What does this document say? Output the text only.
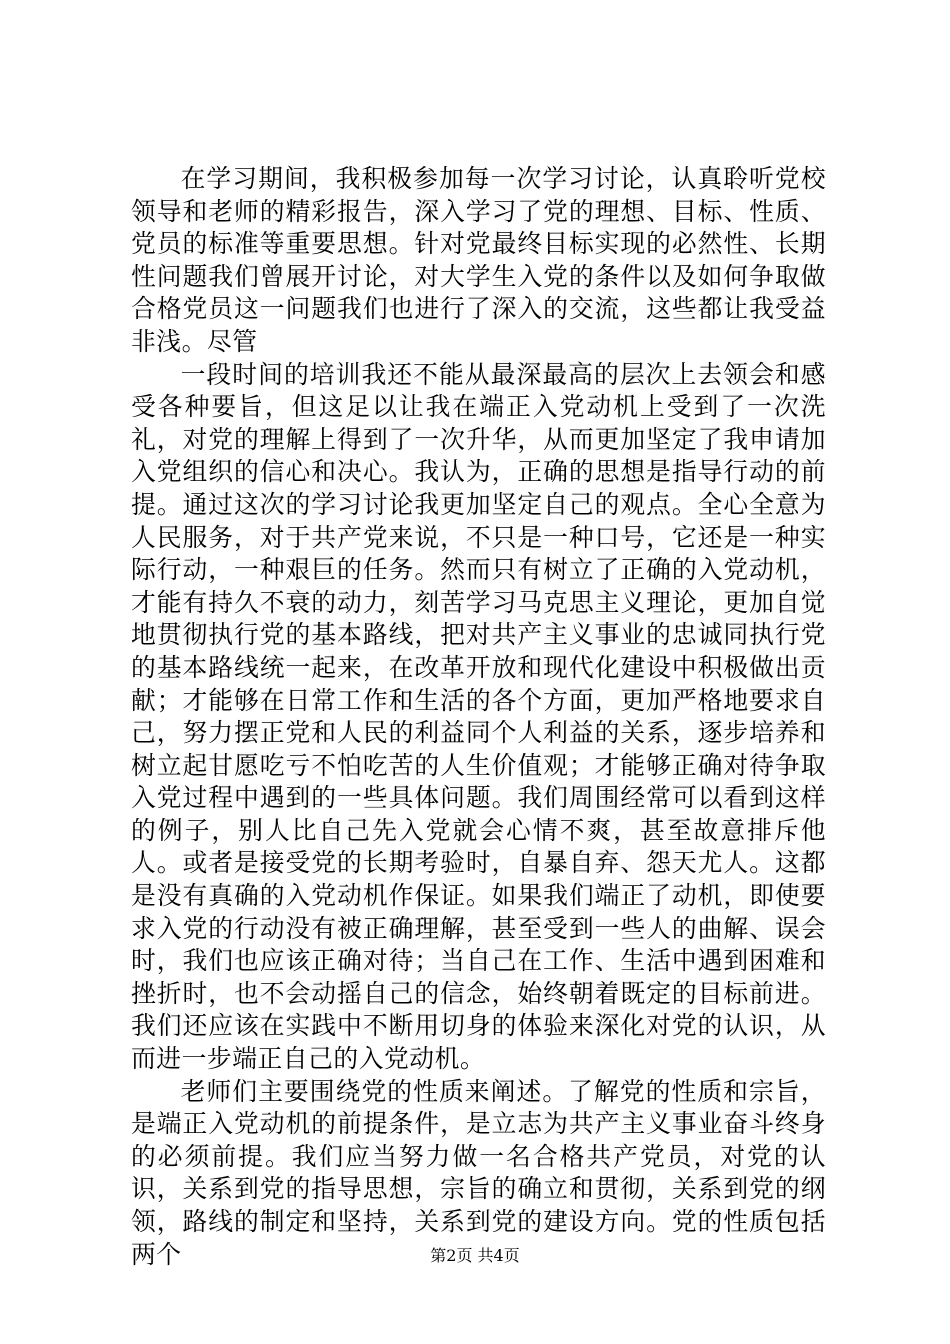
在学习期间，我积极参加每一次学习讨论，认真聆听党校领导和老师的精彩报告，深入学习了党的理想、目标、性质、党员的标准等重要思想。针对党最终目标实现的必然性、长期性问题我们曾展开讨论，对大学生入党的条件以及如何争取做合格党员这一问题我们也进行了深入的交流，这些都让我受益非浅。尽管

一段时间的培训我还不能从最深最高的层次上去领会和感受各种要旨，但这足以让我在端正入党动机上受到了一次洗礼，对党的理解上得到了一次升华，从而更加坚定了我申请加入党组织的信心和决心。我认为，正确的思想是指导行动的前提。通过这次的学习讨论我更加坚定自己的观点。全心全意为人民服务，对于共产党来说，不只是一种口号，它还是一种实际行动，一种艰巨的任务。然而只有树立了正确的入党动机，才能有持久不衰的动力，刻苦学习马克思主义理论，更加自觉地贯彻执行党的基本路线，把对共产主义事业的忠诚同执行党的基本路线统一起来，在改革开放和现代化建设中积极做出贡献；才能够在日常工作和生活的各个方面，更加严格地要求自己，努力摆正党和人民的利益同个人利益的关系，逐步培养和树立起甘愿吃亏不怕吃苦的人生价值观；才能够正确对待争取入党过程中遇到的一些具体问题。我们周围经常可以看到这样的例子，别人比自己先入党就会心情不爽，甚至故意排斥他人。或者是接受党的长期考验时，自暴自弃、怨天尤人。这都是没有真确的入党动机作保证。如果我们端正了动机，即使要求入党的行动没有被正确理解，甚至受到一些人的曲解、误会时，我们也应该正确对待；当自己在工作、生活中遇到困难和挫折时，也不会动摇自己的信念，始终朝着既定的目标前进。我们还应该在实践中不断用切身的体验来深化对党的认识，从而进一步端正自己的入党动机。

老师们主要围绕党的性质来阐述。了解党的性质和宗旨，是端正入党动机的前提条件，是立志为共产主义事业奋斗终身的必须前提。我们应当努力做一名合格共产党员，对党的认识，关系到党的指导思想，宗旨的确立和贯彻，关系到党的纲领，路线的制定和坚持，关系到党的建设方向。党的性质包括两个	第2页 共4页
